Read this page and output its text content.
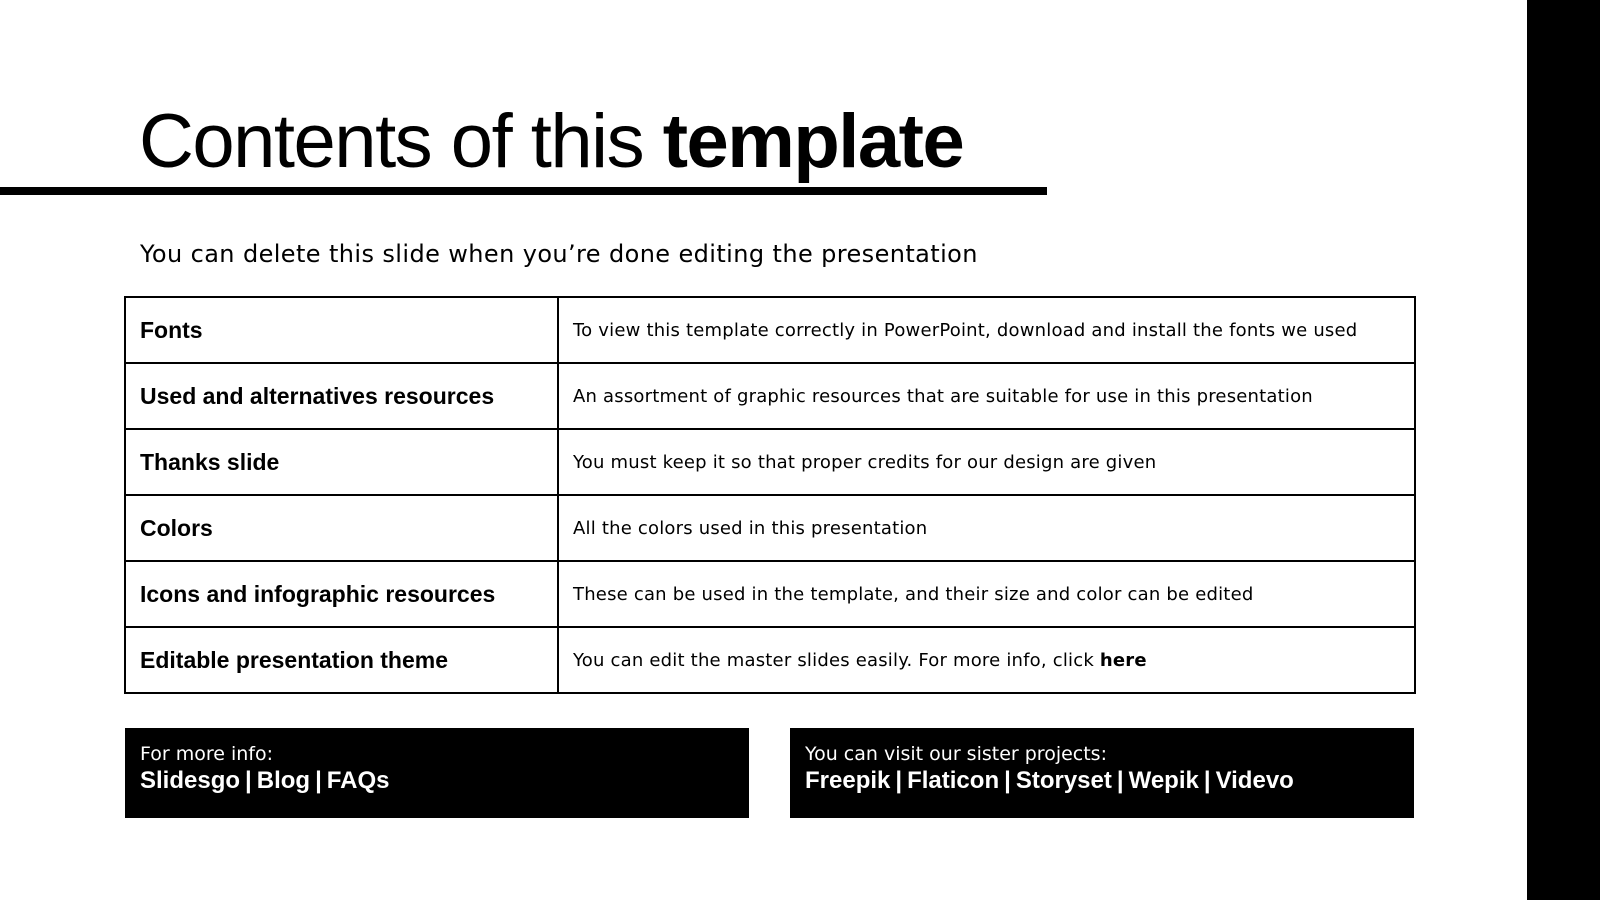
Contents of this template

You can delete this slide when you’re done editing the presentation

Fonts	To view this template correctly in PowerPoint, download and install the fonts we used
Used and alternatives resources	An assortment of graphic resources that are suitable for use in this presentation
Thanks slide	You must keep it so that proper credits for our design are given
Colors	All the colors used in this presentation
Icons and infographic resources	These can be used in the template, and their size and color can be edited
Editable presentation theme	You can edit the master slides easily. For more info, click here
For more info:
Slidesgo | Blog | FAQs
You can visit our sister projects:
Freepik | Flaticon | Storyset | Wepik | Videvo
